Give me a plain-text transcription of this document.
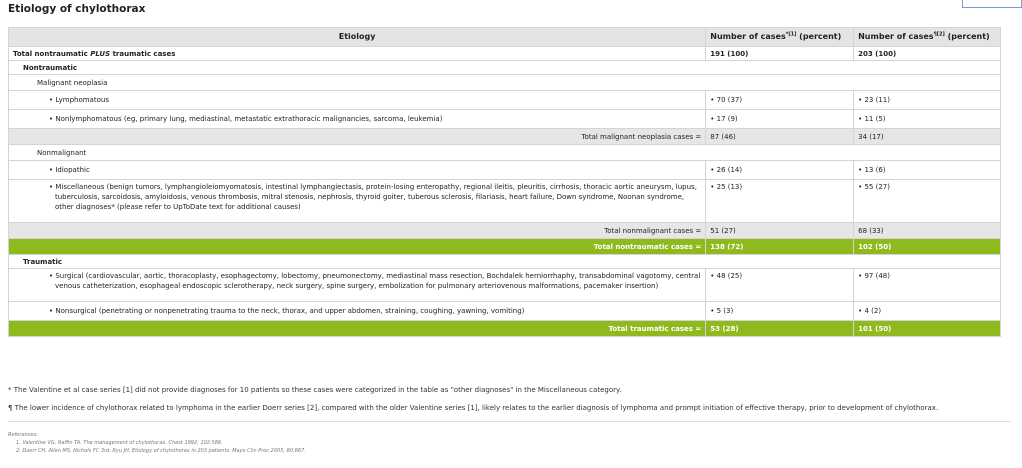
Etiology of chylothorax
Etiology	Number of cases$^{*[1]}$ (percent)	Number of cases$^{\P[2]}$ (percent)
Total nontraumatic PLUS traumatic cases	191 (100)	203 (100)
Nontraumatic		
Malignant neoplasia		
• Lymphomatous	• 70 (37)	• 23 (11)
• Nonlymphomatous (eg, primary lung, mediastinal, metastatic extrathoracic malignancies, sarcoma, leukemia)	• 17 (9)	• 11 (5)
Total malignant neoplasia cases =	87 (46)	34 (17)
Nonmalignant		
• Idiopathic	• 26 (14)	• 13 (6)

• Miscellaneous (benign tumors, lymphangioleiomyomatosis, intestinal lymphangiectasis, protein-losing enteropathy, regional ileitis, pleuritis, cirrhosis, thoracic aortic aneurysm, lupus, tuberculosis, sarcoidosis, amyloidosis, venous thrombosis, mitral stenosis, nephrosis, thyroid goiter, tuberous sclerosis, filariasis, heart failure, Down syndrome, Noonan syndrome, other diagnoses* (please refer to UpToDate text for additional causes)	• 25 (13)	• 55 (27)
Total nonmalignant cases =	51 (27)	68 (33)
Total nontraumatic cases =	138 (72)	102 (50)
Traumatic		

• Surgical (cardiovascular, aortic, thoracoplasty, esophagectomy, lobectomy, pneumonectomy, mediastinal mass resection, Bochdalek herniorrhaphy, transabdominal vagotomy, central venous catheterization, esophageal endoscopic sclerotherapy, neck surgery, spine surgery, embolization for pulmonary arteriovenous malformations, pacemaker insertion)	• 48 (25)	• 97 (48)
• Nonsurgical (penetrating or nonpenetrating trauma to the neck, thorax, and upper abdomen, straining, coughing, yawning, vomiting)	• 5 (3)	• 4 (2)
Total traumatic cases =	53 (28)	101 (50)

* The Valentine et al case series [1] did not provide diagnoses for 10 patients so these cases were categorized in the table as "other diagnoses" in the Miscellaneous category.

¶ The lower incidence of chylothorax related to lymphoma in the earlier Doerr series [2], compared with the older Valentine series [1], likely relates to the earlier diagnosis of lymphoma and prompt initiation of effective therapy, prior to development of chylothorax.

References:
1. Valentine VG, Raffin TA. The management of chylothorax. Chest 1992; 102:586.
2. Doerr CH, Allen MS, Nichols FC 3rd, Ryu JH. Etiology of chylothorax in 203 patients. Mayo Clin Proc 2005; 80:867.
